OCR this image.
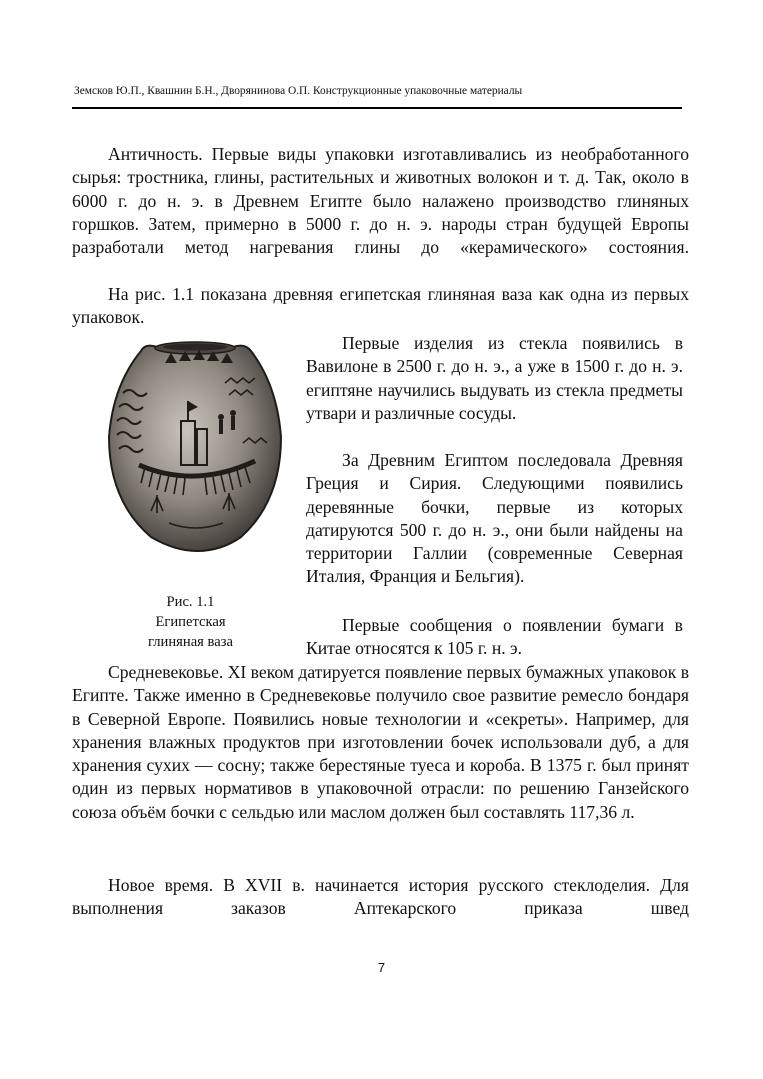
Земсков Ю.П., Квашнин Б.Н., Дворянинова О.П. Конструкционные упаковочные материалы

Античность. Первые виды упаковки изготавливались из необработанного сырья: тростника, глины, растительных и животных волокон и т. д. Так, около в 6000 г. до н. э. в Древнем Египте было налажено производство глиняных горшков. Затем, примерно в 5000 г. до н. э. народы стран будущей Европы разработали метод нагревания глины до «керамического» состояния.

На рис. 1.1 показана древняя египетская глиняная ваза как одна из первых упаковок.

Рис. 1.1
Египетская
глиняная ваза

Первые изделия из стекла появились в Вавилоне в 2500 г. до н. э., а уже в 1500 г. до н. э. египтяне научились выдувать из стекла предметы утвари и различные сосуды.

За Древним Египтом последовала Древняя Греция и Сирия. Следующими появились деревянные бочки, первые из которых датируются 500 г. до н. э., они были найдены на территории Галлии (современные Северная Италия, Франция и Бельгия).

Первые сообщения о появлении бумаги в Китае относятся к 105 г. н. э.

Средневековье. XI веком датируется появление первых бумажных упаковок в Египте. Также именно в Средневековье получило свое развитие ремесло бондаря в Северной Европе. Появились новые технологии и «секреты». Например, для хранения влажных продуктов при изготовлении бочек использовали дуб, а для хранения сухих — сосну; также берестяные туеса и короба. В 1375 г. был принят один из первых нормативов в упаковочной отрасли: по решению Ганзейского союза объём бочки с сельдью или маслом должен был составлять 117,36 л.

Новое время. В XVII в. начинается история русского стеклоделия. Для выполнения заказов Аптекарского приказа швед

7
